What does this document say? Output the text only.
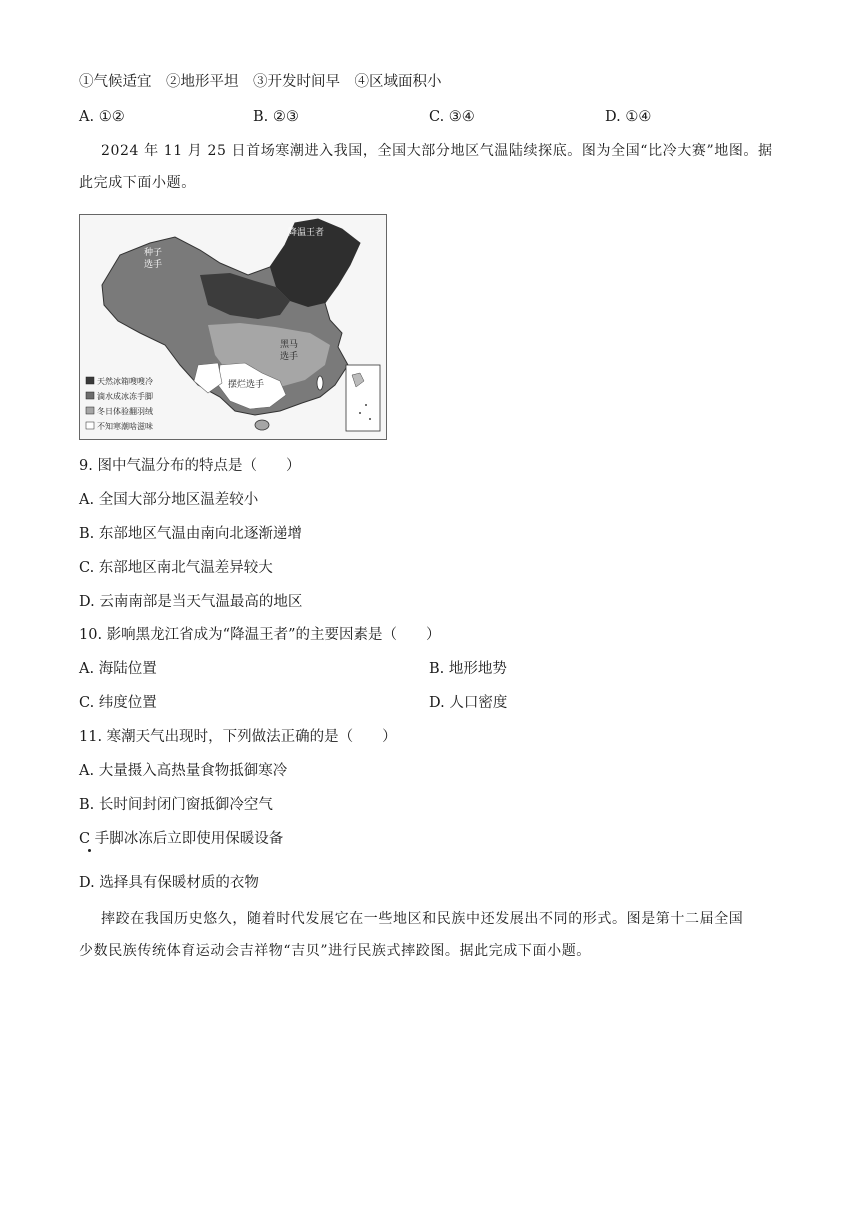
①气候适宜　②地形平坦　③开发时间早　④区域面积小
A. ①②	B. ②③	C. ③④	D. ①④
2024 年 11 月 25 日首场寒潮进入我国，全国大部分地区气温陆续探底。图为全国“比冷大赛”地图。据
此完成下面小题。
降温王者
种子
选手
黑马
选手
摆烂选手
天然冰箱嗖嗖冷
滴水成冰冻手脚
冬日体验翻羽绒
不知寒潮啥滋味
9. 图中气温分布的特点是（　　）
A. 全国大部分地区温差较小
B. 东部地区气温由南向北逐渐递增
C. 东部地区南北气温差异较大
D. 云南南部是当天气温最高的地区
10. 影响黑龙江省成为“降温王者”的主要因素是（　　）
A. 海陆位置	B. 地形地势
C. 纬度位置	D. 人口密度
11. 寒潮天气出现时，下列做法正确的是（　　）
A. 大量摄入高热量食物抵御寒冷
B. 长时间封闭门窗抵御冷空气
C 手脚冰冻后立即使用保暖设备
D. 选择具有保暖材质的衣物
摔跤在我国历史悠久，随着时代发展它在一些地区和民族中还发展出不同的形式。图是第十二届全国
少数民族传统体育运动会吉祥物“吉贝”进行民族式摔跤图。据此完成下面小题。
